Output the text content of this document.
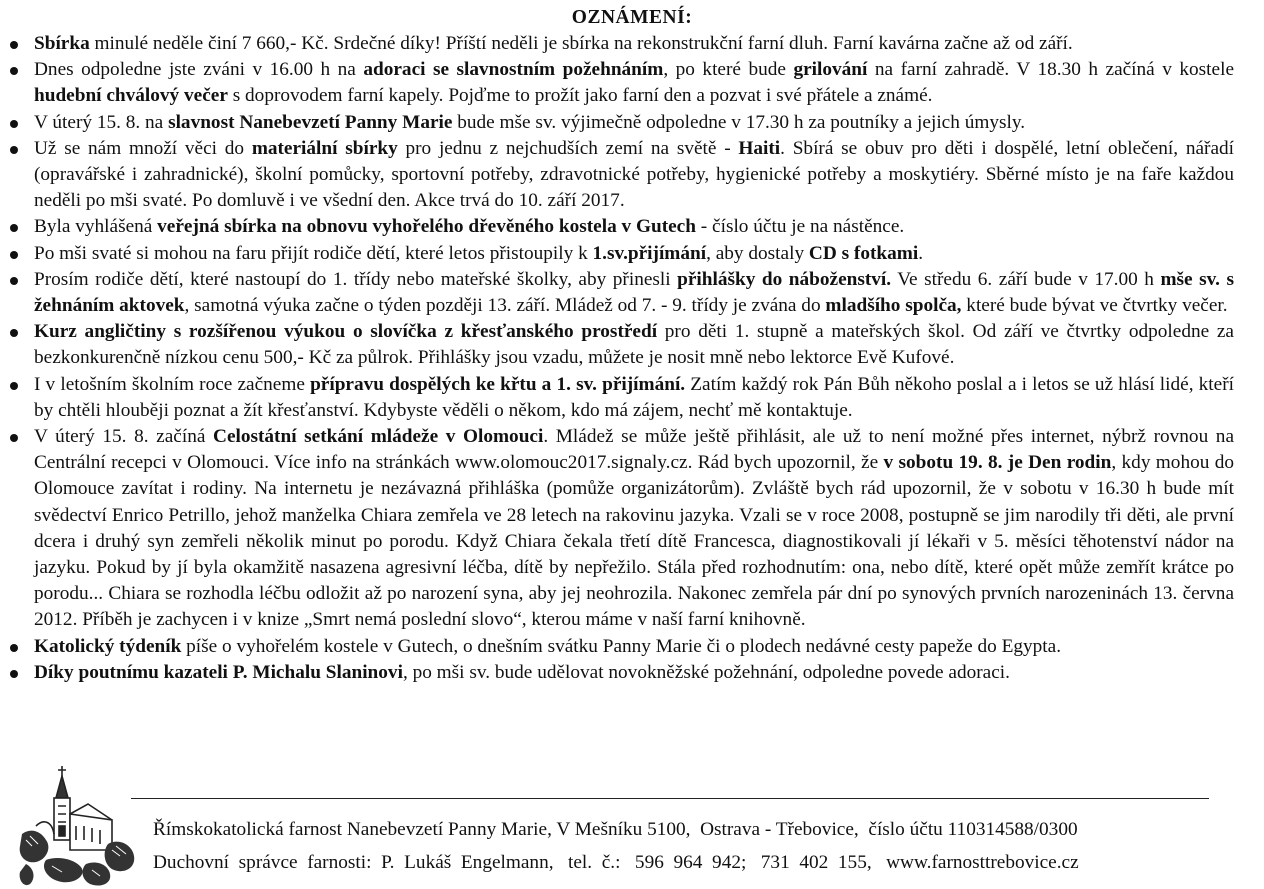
OZNÁMENÍ:
Sbírka minulé neděle činí 7 660,- Kč. Srdečné díky! Příští neděli je sbírka na rekonstrukční farní dluh. Farní kavárna začne až od září.
Dnes odpoledne jste zváni v 16.00 h na adoraci se slavnostním požehnáním, po které bude grilování na farní zahradě. V 18.30 h začíná v kostele hudební chválový večer s doprovodem farní kapely. Pojďme to prožít jako farní den a pozvat i své přátele a známé.
V úterý 15. 8. na slavnost Nanebevzetí Panny Marie bude mše sv. výjimečně odpoledne v 17.30 h za poutníky a jejich úmysly.
Už se nám množí věci do materiální sbírky pro jednu z nejchudších zemí na světě - Haiti. Sbírá se obuv pro děti i dospělé, letní oblečení, nářadí (opravářské i zahradnické), školní pomůcky, sportovní potřeby, zdravotnické potřeby, hygienické potřeby a moskytiéry. Sběrné místo je na faře každou neděli po mši svaté. Po domluvě i ve všední den. Akce trvá do 10. září 2017.
Byla vyhlášená veřejná sbírka na obnovu vyhořelého dřevěného kostela v Gutech - číslo účtu je na nástěnce.
Po mši svaté si mohou na faru přijít rodiče dětí, které letos přistoupily k 1.sv.přijímání, aby dostaly CD s fotkami.
Prosím rodiče dětí, které nastoupí do 1. třídy nebo mateřské školky, aby přinesli přihlášky do náboženství. Ve středu 6. září bude v 17.00 h mše sv. s žehnáním aktovek, samotná výuka začne o týden později 13. září. Mládež od 7. - 9. třídy je zvána do mladšího spolča, které bude bývat ve čtvrtky večer.
Kurz angličtiny s rozšířenou výukou o slovíčka z křesťanského prostředí pro děti 1. stupně a mateřských škol. Od září ve čtvrtky odpoledne za bezkonkurenčně nízkou cenu 500,- Kč za půlrok. Přihlášky jsou vzadu, můžete je nosit mně nebo lektorce Evě Kufové.
I v letošním školním roce začneme přípravu dospělých ke křtu a 1. sv. přijímání. Zatím každý rok Pán Bůh někoho poslal a i letos se už hlásí lidé, kteří by chtěli hlouběji poznat a žít křesťanství. Kdybyste věděli o někom, kdo má zájem, nechť mě kontaktuje.
V úterý 15. 8. začíná Celostátní setkání mládeže v Olomouci. Mládež se může ještě přihlásit, ale už to není možné přes internet, nýbrž rovnou na Centrální recepci v Olomouci. Více info na stránkách www.olomouc2017.signaly.cz. Rád bych upozornil, že v sobotu 19. 8. je Den rodin, kdy mohou do Olomouce zavítat i rodiny. Na internetu je nezávazná přihláška (pomůže organizátorům). Zvláště bych rád upozornil, že v sobotu v 16.30 h bude mít svědectví Enrico Petrillo, jehož manželka Chiara zemřela ve 28 letech na rakovinu jazyka. Vzali se v roce 2008, postupně se jim narodily tři děti, ale první dcera i druhý syn zemřeli několik minut po porodu. Když Chiara čekala třetí dítě Francesca, diagnostikovali jí lékaři v 5. měsíci těhotenství nádor na jazyku. Pokud by jí byla okamžitě nasazena agresivní léčba, dítě by nepřežilo. Stála před rozhodnutím: ona, nebo dítě, které opět může zemřít krátce po porodu... Chiara se rozhodla léčbu odložit až po narození syna, aby jej neohrozila. Nakonec zemřela pár dní po synových prvních narozeninách 13. června 2012. Příběh je zachycen i v knize „Smrt nemá poslední slovo“, kterou máme v naší farní knihovně.
Katolický týdeník píše o vyhořelém kostele v Gutech, o dnešním svátku Panny Marie či o plodech nedávné cesty papeže do Egypta.
Díky poutnímu kazateli P. Michalu Slaninovi, po mši sv. bude udělovat novokněžské požehnání, odpoledne povede adoraci.
Římskokatolická farnost Nanebevzetí Panny Marie, V Mešníku 5100,  Ostrava - Třebovice,  číslo účtu 110314588/0300
Duchovní  správce  farnosti:  P.  Lukáš  Engelmann,   tel.  č.:   596  964  942;   731  402  155,   www.farnosttrebovice.cz
